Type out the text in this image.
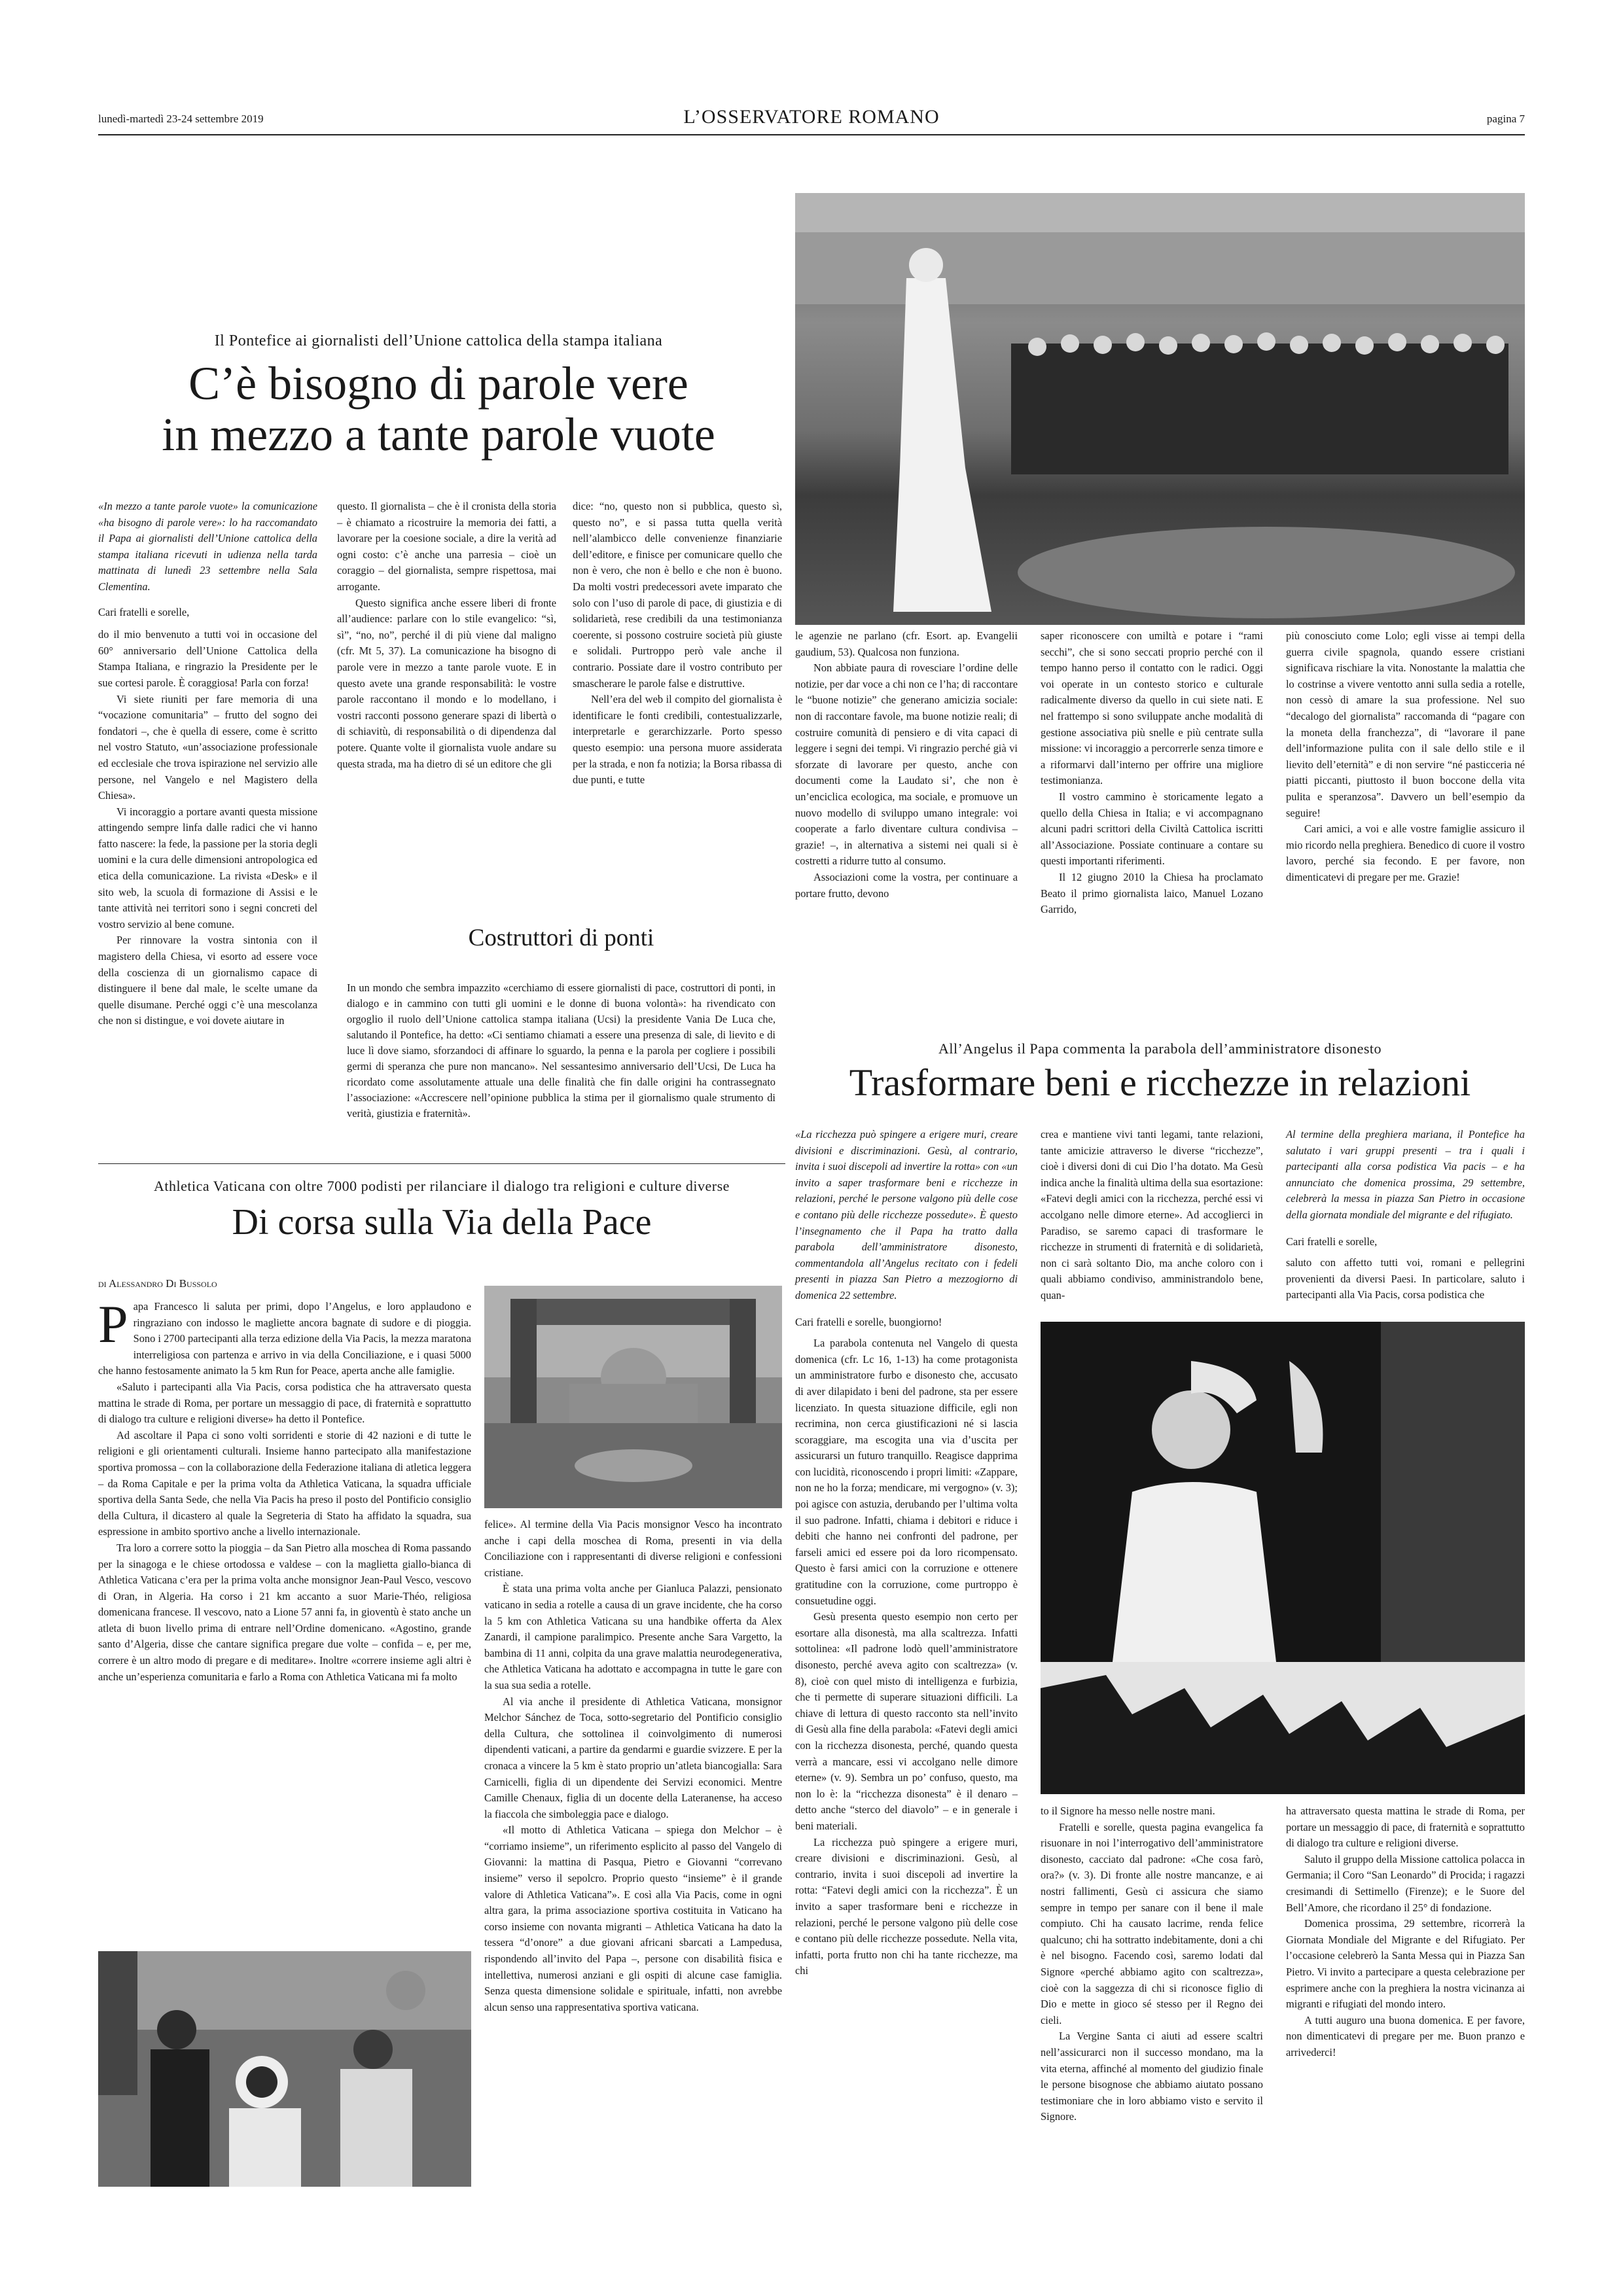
lunedì-martedì 23-24 settembre 2019	L’OSSERVATORE ROMANO	pagina 7
Il Pontefice ai giornalisti dell’Unione cattolica della stampa italiana
C’è bisogno di parole vere
in mezzo a tante parole vuote

«In mezzo a tante parole vuote» la comunicazione «ha bisogno di parole vere»: lo ha raccomandato il Papa ai giornalisti dell’Unione cattolica della stampa italiana ricevuti in udienza nella tarda mattinata di lunedì 23 settembre nella Sala Clementina.

Cari fratelli e sorelle,

do il mio benvenuto a tutti voi in occasione del 60° anniversario dell’Unione Cattolica della Stampa Italiana, e ringrazio la Presidente per le sue cortesi parole. È coraggiosa! Parla con forza!

Vi siete riuniti per fare memoria di una “vocazione comunitaria” – frutto del sogno dei fondatori –, che è quella di essere, come è scritto nel vostro Statuto, «un’associazione professionale ed ecclesiale che trova ispirazione nel servizio alle persone, nel Vangelo e nel Magistero della Chiesa».

Vi incoraggio a portare avanti questa missione attingendo sempre linfa dalle radici che vi hanno fatto nascere: la fede, la passione per la storia degli uomini e la cura delle dimensioni antropologica ed etica della comunicazione. La rivista «Desk» e il sito web, la scuola di formazione di Assisi e le tante attività nei territori sono i segni concreti del vostro servizio al bene comune.

Per rinnovare la vostra sintonia con il magistero della Chiesa, vi esorto ad essere voce della coscienza di un giornalismo capace di distinguere il bene dal male, le scelte umane da quelle disumane. Perché oggi c’è una mescolanza che non si distingue, e voi dovete aiutare in

questo. Il giornalista – che è il cronista della storia – è chiamato a ricostruire la memoria dei fatti, a lavorare per la coesione sociale, a dire la verità ad ogni costo: c’è anche una parresia – cioè un coraggio – del giornalista, sempre rispettosa, mai arrogante.

Questo significa anche essere liberi di fronte all’audience: parlare con lo stile evangelico: “sì, sì”, “no, no”, perché il di più viene dal maligno (cfr. Mt 5, 37). La comunicazione ha bisogno di parole vere in mezzo a tante parole vuote. E in questo avete una grande responsabilità: le vostre parole raccontano il mondo e lo modellano, i vostri racconti possono generare spazi di libertà o di schiavitù, di responsabilità o di dipendenza dal potere. Quante volte il giornalista vuole andare su questa strada, ma ha dietro di sé un editore che gli

dice: “no, questo non si pubblica, questo sì, questo no”, e si passa tutta quella verità nell’alambicco delle convenienze finanziarie dell’editore, e finisce per comunicare quello che non è vero, che non è bello e che non è buono. Da molti vostri predecessori avete imparato che solo con l’uso di parole di pace, di giustizia e di solidarietà, rese credibili da una testimonianza coerente, si possono costruire società più giuste e solidali. Purtroppo però vale anche il contrario. Possiate dare il vostro contributo per smascherare le parole false e distruttive.

Nell’era del web il compito del giornalista è identificare le fonti credibili, contestualizzarle, interpretarle e gerarchizzarle. Porto spesso questo esempio: una persona muore assiderata per la strada, e non fa notizia; la Borsa ribassa di due punti, e tutte

le agenzie ne parlano (cfr. Esort. ap. Evangelii gaudium, 53). Qualcosa non funziona.

Non abbiate paura di rovesciare l’ordine delle notizie, per dar voce a chi non ce l’ha; di raccontare le “buone notizie” che generano amicizia sociale: non di raccontare favole, ma buone notizie reali; di costruire comunità di pensiero e di vita capaci di leggere i segni dei tempi. Vi ringrazio perché già vi sforzate di lavorare per questo, anche con documenti come la Laudato si’, che non è un’enciclica ecologica, ma sociale, e promuove un nuovo modello di sviluppo umano integrale: voi cooperate a farlo diventare cultura condivisa – grazie! –, in alternativa a sistemi nei quali si è costretti a ridurre tutto al consumo.

Associazioni come la vostra, per continuare a portare frutto, devono

saper riconoscere con umiltà e potare i “rami secchi”, che si sono seccati proprio perché con il tempo hanno perso il contatto con le radici. Oggi voi operate in un contesto storico e culturale radicalmente diverso da quello in cui siete nati. E nel frattempo si sono sviluppate anche modalità di gestione associativa più snelle e più centrate sulla missione: vi incoraggio a percorrerle senza timore e a riformarvi dall’interno per offrire una migliore testimonianza.

Il vostro cammino è storicamente legato a quello della Chiesa in Italia; e vi accompagnano alcuni padri scrittori della Civiltà Cattolica iscritti all’Associazione. Possiate continuare a contare su questi importanti riferimenti.

Il 12 giugno 2010 la Chiesa ha proclamato Beato il primo giornalista laico, Manuel Lozano Garrido,

più conosciuto come Lolo; egli visse ai tempi della guerra civile spagnola, quando essere cristiani significava rischiare la vita. Nonostante la malattia che lo costrinse a vivere ventotto anni sulla sedia a rotelle, non cessò di amare la sua professione. Nel suo “decalogo del giornalista” raccomanda di “pagare con la moneta della franchezza”, di “lavorare il pane dell’informazione pulita con il sale dello stile e il lievito dell’eternità” e di non servire “né pasticceria né piatti piccanti, piuttosto il buon boccone della vita pulita e speranzosa”. Davvero un bell’esempio da seguire!

Cari amici, a voi e alle vostre famiglie assicuro il mio ricordo nella preghiera. Benedico di cuore il vostro lavoro, perché sia fecondo. E per favore, non dimenticatevi di pregare per me. Grazie!

Costruttori di ponti
In un mondo che sembra impazzito «cerchiamo di essere giornalisti di pace, costruttori di ponti, in dialogo e in cammino con tutti gli uomini e le donne di buona volontà»: ha rivendicato con orgoglio il ruolo dell’Unione cattolica stampa italiana (Ucsi) la presidente Vania De Luca che, salutando il Pontefice, ha detto: «Ci sentiamo chiamati a essere una presenza di sale, di lievito e di luce lì dove siamo, sforzandoci di affinare lo sguardo, la penna e la parola per cogliere i possibili germi di speranza che pure non mancano». Nel sessantesimo anniversario dell’Ucsi, De Luca ha ricordato come assolutamente attuale una delle finalità che fin dalle origini ha contrassegnato l’associazione: «Accrescere nell’opinione pubblica la stima per il giornalismo quale strumento di verità, giustizia e fraternità».
Athletica Vaticana con oltre 7000 podisti per rilanciare il dialogo tra religioni e culture diverse
Di corsa sulla Via della Pace
di Alessandro Di Bussolo

Papa Francesco li saluta per primi, dopo l’Angelus, e loro applaudono e ringraziano con indosso le magliette ancora bagnate di sudore e di pioggia. Sono i 2700 partecipanti alla terza edizione della Via Pacis, la mezza maratona interreligiosa con partenza e arrivo in via della Conciliazione, e i quasi 5000 che hanno festosamente animato la 5 km Run for Peace, aperta anche alle famiglie.

«Saluto i partecipanti alla Via Pacis, corsa podistica che ha attraversato questa mattina le strade di Roma, per portare un messaggio di pace, di fraternità e soprattutto di dialogo tra culture e religioni diverse» ha detto il Pontefice.

Ad ascoltare il Papa ci sono volti sorridenti e storie di 42 nazioni e di tutte le religioni e gli orientamenti culturali. Insieme hanno partecipato alla manifestazione sportiva promossa – con la collaborazione della Federazione italiana di atletica leggera – da Roma Capitale e per la prima volta da Athletica Vaticana, la squadra ufficiale sportiva della Santa Sede, che nella Via Pacis ha preso il posto del Pontificio consiglio della Cultura, il dicastero al quale la Segreteria di Stato ha affidato la squadra, sua espressione in ambito sportivo anche a livello internazionale.

Tra loro a correre sotto la pioggia – da San Pietro alla moschea di Roma passando per la sinagoga e le chiese ortodossa e valdese – con la maglietta giallo-bianca di Athletica Vaticana c’era per la prima volta anche monsignor Jean-Paul Vesco, vescovo di Oran, in Algeria. Ha corso i 21 km accanto a suor Marie-Théo, religiosa domenicana francese. Il vescovo, nato a Lione 57 anni fa, in gioventù è stato anche un atleta di buon livello prima di entrare nell’Ordine domenicano. «Agostino, grande santo d’Algeria, disse che cantare significa pregare due volte – confida – e, per me, correre è un altro modo di pregare e di meditare». Inoltre «correre insieme agli altri è anche un’esperienza comunitaria e farlo a Roma con Athletica Vaticana mi fa molto

felice». Al termine della Via Pacis monsignor Vesco ha incontrato anche i capi della moschea di Roma, presenti in via della Conciliazione con i rappresentanti di diverse religioni e confessioni cristiane.

È stata una prima volta anche per Gianluca Palazzi, pensionato vaticano in sedia a rotelle a causa di un grave incidente, che ha corso la 5 km con Athletica Vaticana su una handbike offerta da Alex Zanardi, il campione paralimpico. Presente anche Sara Vargetto, la bambina di 11 anni, colpita da una grave malattia neurodegenerativa, che Athletica Vaticana ha adottato e accompagna in tutte le gare con la sua sua sedia a rotelle.

Al via anche il presidente di Athletica Vaticana, monsignor Melchor Sánchez de Toca, sotto-segretario del Pontificio consiglio della Cultura, che sottolinea il coinvolgimento di numerosi dipendenti vaticani, a partire da gendarmi e guardie svizzere. E per la cronaca a vincere la 5 km è stato proprio un’atleta biancogialla: Sara Carnicelli, figlia di un dipendente dei Servizi economici. Mentre Camille Chenaux, figlia di un docente della Lateranense, ha acceso la fiaccola che simboleggia pace e dialogo.

«Il motto di Athletica Vaticana – spiega don Melchor – è “corriamo insieme”, un riferimento esplicito al passo del Vangelo di Giovanni: la mattina di Pasqua, Pietro e Giovanni “correvano insieme” verso il sepolcro. Proprio questo “insieme” è il grande valore di Athletica Vaticana”». E così alla Via Pacis, come in ogni altra gara, la prima associazione sportiva costituita in Vaticano ha corso insieme con novanta migranti – Athletica Vaticana ha dato la tessera “d’onore” a due giovani africani sbarcati a Lampedusa, rispondendo all’invito del Papa –, persone con disabilità fisica e intellettiva, numerosi anziani e gli ospiti di alcune case famiglia. Senza questa dimensione solidale e spirituale, infatti, non avrebbe alcun senso una rappresentativa sportiva vaticana.

All’Angelus il Papa commenta la parabola dell’amministratore disonesto
Trasformare beni e ricchezze in relazioni

«La ricchezza può spingere a erigere muri, creare divisioni e discriminazioni. Gesù, al contrario, invita i suoi discepoli ad invertire la rotta» con «un invito a saper trasformare beni e ricchezze in relazioni, perché le persone valgono più delle cose e contano più delle ricchezze possedute». È questo l’insegnamento che il Papa ha tratto dalla parabola dell’amministratore disonesto, commentandola all’Angelus recitato con i fedeli presenti in piazza San Pietro a mezzogiorno di domenica 22 settembre.

Cari fratelli e sorelle, buongiorno!

La parabola contenuta nel Vangelo di questa domenica (cfr. Lc 16, 1-13) ha come protagonista un amministratore furbo e disonesto che, accusato di aver dilapidato i beni del padrone, sta per essere licenziato. In questa situazione difficile, egli non recrimina, non cerca giustificazioni né si lascia scoraggiare, ma escogita una via d’uscita per assicurarsi un futuro tranquillo. Reagisce dapprima con lucidità, riconoscendo i propri limiti: «Zappare, non ne ho la forza; mendicare, mi vergogno» (v. 3); poi agisce con astuzia, derubando per l’ultima volta il suo padrone. Infatti, chiama i debitori e riduce i debiti che hanno nei confronti del padrone, per farseli amici ed essere poi da loro ricompensato. Questo è farsi amici con la corruzione e ottenere gratitudine con la corruzione, come purtroppo è consuetudine oggi.

Gesù presenta questo esempio non certo per esortare alla disonestà, ma alla scaltrezza. Infatti sottolinea: «Il padrone lodò quell’amministratore disonesto, perché aveva agito con scaltrezza» (v. 8), cioè con quel misto di intelligenza e furbizia, che ti permette di superare situazioni difficili. La chiave di lettura di questo racconto sta nell’invito di Gesù alla fine della parabola: «Fatevi degli amici con la ricchezza disonesta, perché, quando questa verrà a mancare, essi vi accolgano nelle dimore eterne» (v. 9). Sembra un po’ confuso, questo, ma non lo è: la “ricchezza disonesta” è il denaro – detto anche “sterco del diavolo” – e in generale i beni materiali.

La ricchezza può spingere a erigere muri, creare divisioni e discriminazioni. Gesù, al contrario, invita i suoi discepoli ad invertire la rotta: “Fatevi degli amici con la ricchezza”. È un invito a saper trasformare beni e ricchezze in relazioni, perché le persone valgono più delle cose e contano più delle ricchezze possedute. Nella vita, infatti, porta frutto non chi ha tante ricchezze, ma chi

crea e mantiene vivi tanti legami, tante relazioni, tante amicizie attraverso le diverse “ricchezze”, cioè i diversi doni di cui Dio l’ha dotato. Ma Gesù indica anche la finalità ultima della sua esortazione: «Fatevi degli amici con la ricchezza, perché essi vi accolgano nelle dimore eterne». Ad accoglierci in Paradiso, se saremo capaci di trasformare le ricchezze in strumenti di fraternità e di solidarietà, non ci sarà soltanto Dio, ma anche coloro con i quali abbiamo condiviso, amministrandolo bene, quan-

Al termine della preghiera mariana, il Pontefice ha salutato i vari gruppi presenti – tra i quali i partecipanti alla corsa podistica Via pacis – e ha annunciato che domenica prossima, 29 settembre, celebrerà la messa in piazza San Pietro in occasione della giornata mondiale del migrante e del rifugiato.

Cari fratelli e sorelle,

saluto con affetto tutti voi, romani e pellegrini provenienti da diversi Paesi. In particolare, saluto i partecipanti alla Via Pacis, corsa podistica che

to il Signore ha messo nelle nostre mani.

Fratelli e sorelle, questa pagina evangelica fa risuonare in noi l’interrogativo dell’amministratore disonesto, cacciato dal padrone: «Che cosa farò, ora?» (v. 3). Di fronte alle nostre mancanze, e ai nostri fallimenti, Gesù ci assicura che siamo sempre in tempo per sanare con il bene il male compiuto. Chi ha causato lacrime, renda felice qualcuno; chi ha sottratto indebitamente, doni a chi è nel bisogno. Facendo così, saremo lodati dal Signore «perché abbiamo agito con scaltrezza», cioè con la saggezza di chi si riconosce figlio di Dio e mette in gioco sé stesso per il Regno dei cieli.

La Vergine Santa ci aiuti ad essere scaltri nell’assicurarci non il successo mondano, ma la vita eterna, affinché al momento del giudizio finale le persone bisognose che abbiamo aiutato possano testimoniare che in loro abbiamo visto e servito il Signore.

ha attraversato questa mattina le strade di Roma, per portare un messaggio di pace, di fraternità e soprattutto di dialogo tra culture e religioni diverse.

Saluto il gruppo della Missione cattolica polacca in Germania; il Coro “San Leonardo” di Procida; i ragazzi cresimandi di Settimello (Firenze); e le Suore del Bell’Amore, che ricordano il 25° di fondazione.

Domenica prossima, 29 settembre, ricorrerà la Giornata Mondiale del Migrante e del Rifugiato. Per l’occasione celebrerò la Santa Messa qui in Piazza San Pietro. Vi invito a partecipare a questa celebrazione per esprimere anche con la preghiera la nostra vicinanza ai migranti e rifugiati del mondo intero.

A tutti auguro una buona domenica. E per favore, non dimenticatevi di pregare per me. Buon pranzo e arrivederci!
